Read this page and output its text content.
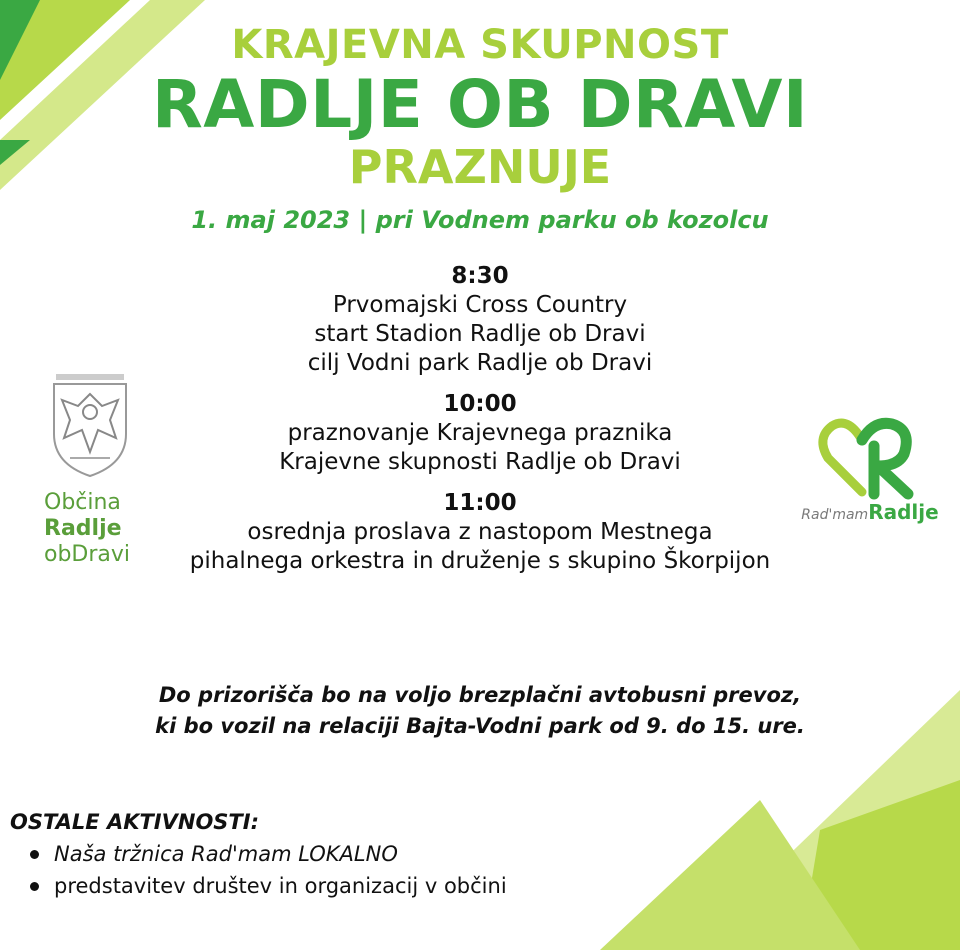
KRAJEVNA SKUPNOST
RADLJE OB DRAVI
PRAZNUJE
1. maj 2023 | pri Vodnem parku ob kozolcu
8:30
Prvomajski Cross Country
start Stadion Radlje ob Dravi
cilj Vodni park Radlje ob Dravi
10:00
praznovanje Krajevnega praznika
Krajevne skupnosti Radlje ob Dravi
11:00
osrednja proslava z nastopom Mestnega
pihalnega orkestra in druženje s skupino Škorpijon
Do prizorišča bo na voljo brezplačni avtobusni prevoz,
ki bo vozil na relaciji Bajta-Vodni park od 9. do 15. ure.
OSTALE AKTIVNOSTI:
Naša tržnica Rad'mam LOKALNO
predstavitev društev in organizacij v občini
Občina
Radlje
obDravi
Rad'mamRadlje
